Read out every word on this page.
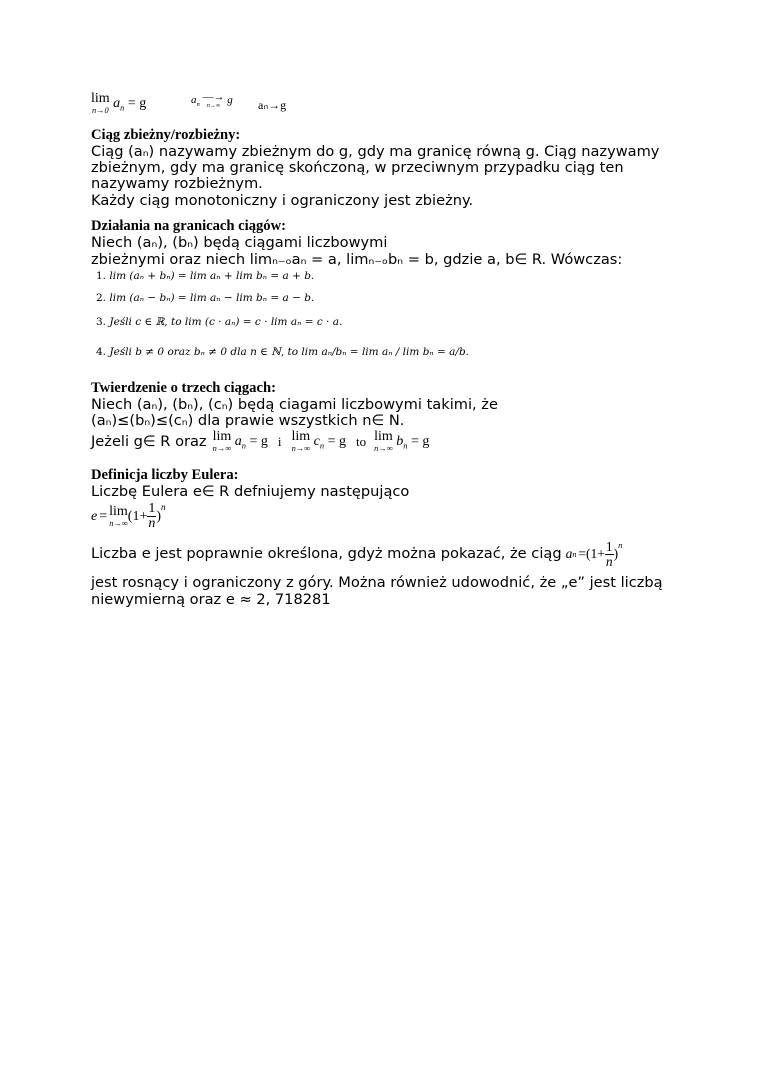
lim
n→0 $a_n = g$	$a_n$
—→
n→∞ g aₙ→g
Ciąg zbieżny/rozbieżny:
Ciąg (aₙ) nazywamy zbieżnym do g, gdy ma granicę równą g. Ciąg nazywamy
zbieżnym, gdy ma granicę skończoną, w przeciwnym przypadku ciąg ten
nazywamy rozbieżnym.
Każdy ciąg monotoniczny i ograniczony jest zbieżny.
Działania na granicach ciągów:
Niech (aₙ), (bₙ) będą ciągami liczbowymi
zbieżnymi oraz niech limₙ₋ₒaₙ = a, limₙ₋ₒbₙ = b, gdzie a, b∈ R. Wówczas:
1. lim (aₙ + bₙ) = lim aₙ + lim bₙ = a + b.
2. lim (aₙ − bₙ) = lim aₙ − lim bₙ = a − b.
3. Jeśli c ∈ ℝ, to lim (c · aₙ) = c · lim aₙ = c · a.
4. Jeśli b ≠ 0 oraz bₙ ≠ 0 dla n ∈ ℕ, to lim aₙ/bₙ = lim aₙ / lim bₙ = a/b.
Twierdzenie o trzech ciągach:
Niech (aₙ), (bₙ), (cₙ) będą ciagami liczbowymi takimi, że
(aₙ)≤(bₙ)≤(cₙ) dla prawie wszystkich n∈ N.
Jeżeli g∈ R oraz lim
n→∞ $a_n = g$ i lim
n→∞ $c_n = g$ to lim
n→∞ $b_n = g$
Definicja liczby Eulera:
Liczbę Eulera e∈ R defniujemy następująco
e = lim
n→∞ ($1+ \frac{1}{n}$ )
$^n$
Liczba e jest poprawnie określona, gdyż można pokazać, że ciąg a $n =(1+ \frac{1}{n}$ )
$^n$
jest rosnący i ograniczony z góry. Można również udowodnić, że „e” jest liczbą
niewymierną oraz e ≈ 2, 718281
